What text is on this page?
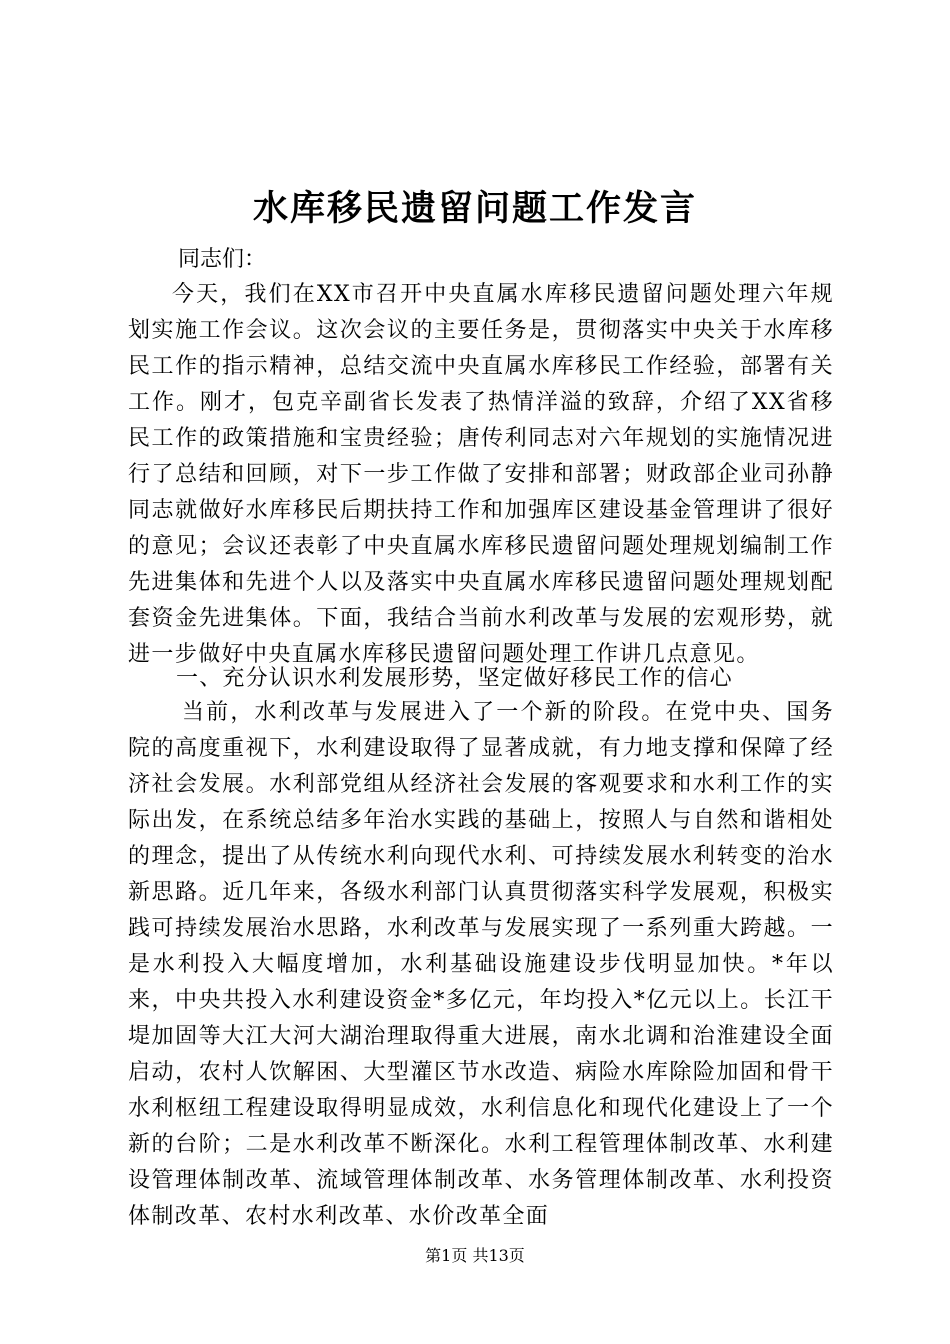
水库移民遗留问题工作发言

同志们：

今天，我们在XX市召开中央直属水库移民遗留问题处理六年规划实施工作会议。这次会议的主要任务是，贯彻落实中央关于水库移民工作的指示精神，总结交流中央直属水库移民工作经验，部署有关工作。刚才，包克辛副省长发表了热情洋溢的致辞，介绍了XX省移民工作的政策措施和宝贵经验；唐传利同志对六年规划的实施情况进行了总结和回顾，对下一步工作做了安排和部署；财政部企业司孙静同志就做好水库移民后期扶持工作和加强库区建设基金管理讲了很好的意见；会议还表彰了中央直属水库移民遗留问题处理规划编制工作先进集体和先进个人以及落实中央直属水库移民遗留问题处理规划配套资金先进集体。下面，我结合当前水利改革与发展的宏观形势，就进一步做好中央直属水库移民遗留问题处理工作讲几点意见。

一、充分认识水利发展形势，坚定做好移民工作的信心

当前，水利改革与发展进入了一个新的阶段。在党中央、国务院的高度重视下，水利建设取得了显著成就，有力地支撑和保障了经济社会发展。水利部党组从经济社会发展的客观要求和水利工作的实际出发，在系统总结多年治水实践的基础上，按照人与自然和谐相处的理念，提出了从传统水利向现代水利、可持续发展水利转变的治水新思路。近几年来，各级水利部门认真贯彻落实科学发展观，积极实践可持续发展治水思路，水利改革与发展实现了一系列重大跨越。一是水利投入大幅度增加，水利基础设施建设步伐明显加快。*年以来，中央共投入水利建设资金*多亿元，年均投入*亿元以上。长江干堤加固等大江大河大湖治理取得重大进展，南水北调和治淮建设全面启动，农村人饮解困、大型灌区节水改造、病险水库除险加固和骨干水利枢纽工程建设取得明显成效，水利信息化和现代化建设上了一个新的台阶；二是水利改革不断深化。水利工程管理体制改革、水利建设管理体制改革、流域管理体制改革、水务管理体制改革、水利投资体制改革、农村水利改革、水价改革全面

第1页 共13页
